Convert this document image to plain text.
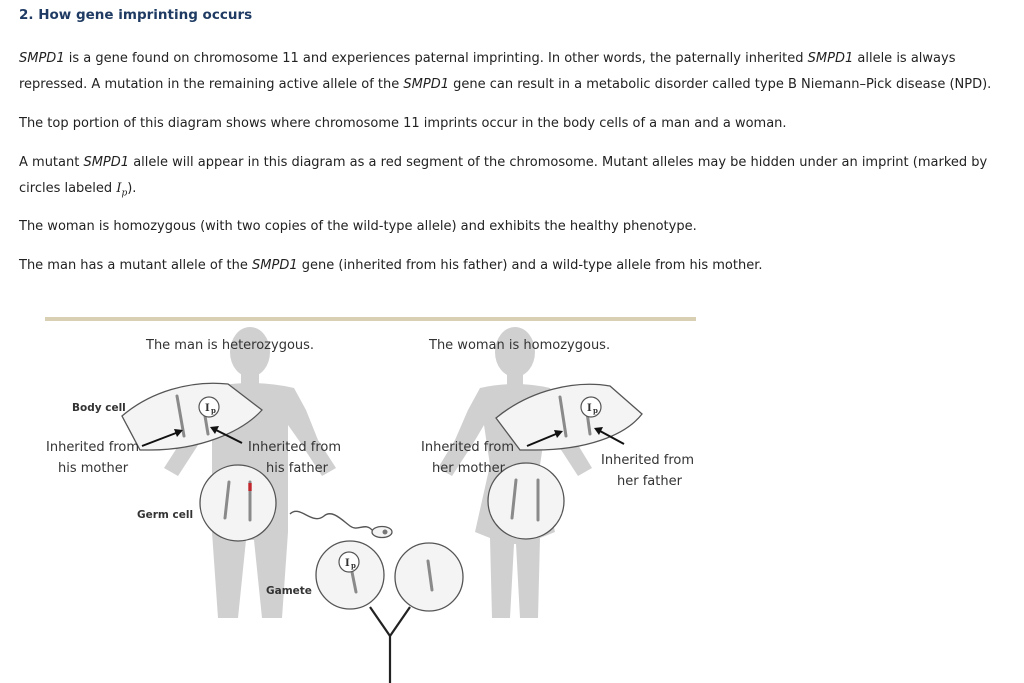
2. How gene imprinting occurs
SMPD1 is a gene found on chromosome 11 and experiences paternal imprinting. In other words, the paternally inherited SMPD1 allele is always repressed. A mutation in the remaining active allele of the SMPD1 gene can result in a metabolic disorder called type B Niemann–Pick disease (NPD).
The top portion of this diagram shows where chromosome 11 imprints occur in the body cells of a man and a woman.
A mutant SMPD1 allele will appear in this diagram as a red segment of the chromosome. Mutant alleles may be hidden under an imprint (marked by circles labeled $I_p$).
The woman is homozygous (with two copies of the wild-type allele) and exhibits the healthy phenotype.
The man has a mutant allele of the SMPD1 gene (inherited from his father) and a wild-type allele from his mother.
I p	I p
I p
The man is heterozygous.	The woman is homozygous.
Body cell
Germ cell
Gamete
Inherited from
his mother
Inherited from
his father
Inherited from
her mother
Inherited from
her father
